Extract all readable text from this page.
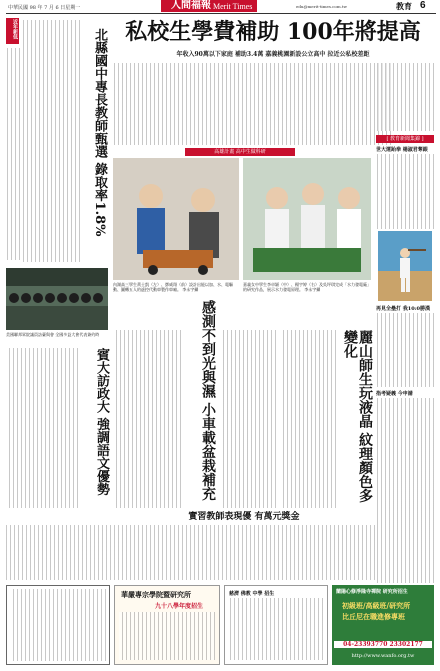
中華民國 98 年 7 月 6 日星期一	人間福報 Merit Times	edu@merit-times.com.tw	教育 6
近年新低	北縣國中專長教師甄選 錄取率1.8% 私校生學費補助 100年將提高
年收入90萬以下家庭 補助3.4萬 嘉義桃園新設公立高中 拉近公私校差距
[ 教育新聞集錦 ]
世大運跆拳 楊淑君奪銀
再見全壘打 我10:0勝漢
指考疑義 今申請
高雄計畫 高中生做科研
內湖高三學生黃士凱（左）、鄧威翔（前）設計出能以加、水、電驅動、圖轉五人的遙控代動車製作車廂。 李永宇攝
嘉義女中學生李卓穎（中）、楊宇婷（右）及吳坪琪完成「水力發電廠」的研究作品，展示水力發電原理。 李永宇攝
美國聯邦眾院議員訪臺與會 全國多益大會代表簽約時
賓大訪政大 強調語文優勢	感測不到光與濕 小車載盆栽補充	麗山師生玩液晶 紋理顏色多變化
實習教師表現優 有萬元獎金
華嚴專宗學院暨研究所
九十八學年度招生
慈濟 佛教 中學 招生	蘭陽心修淨隆寺禪院 研究所招生
初級班/高級班/研究所
比丘尼在職進修專班
04-23393770 23302177
http://www.wanfo.org.tw
